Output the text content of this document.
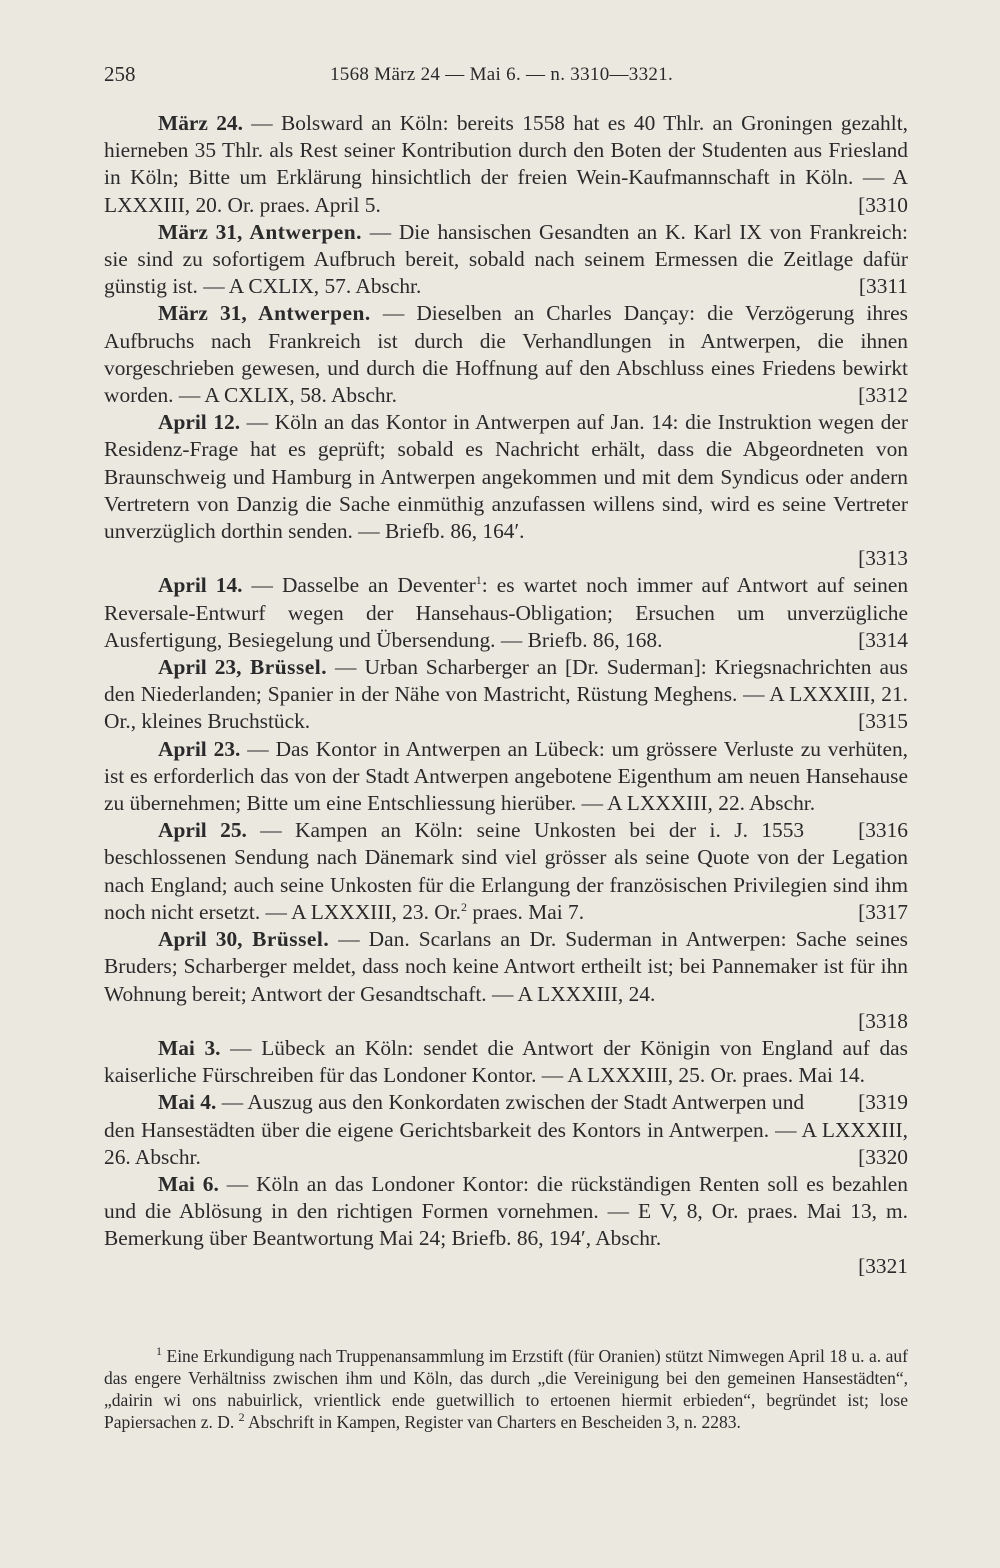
258	1568 März 24 — Mai 6. — n. 3310—3321.

März 24. — Bolsward an Köln: bereits 1558 hat es 40 Thlr. an Groningen gezahlt, hierneben 35 Thlr. als Rest seiner Kontribution durch den Boten der Studenten aus Friesland in Köln; Bitte um Erklärung hinsichtlich der freien Wein-Kaufmannschaft in Köln. — A LXXXIII, 20. Or. praes. April 5.	[3310

März 31, Antwerpen. — Die hansischen Gesandten an K. Karl IX von Frankreich: sie sind zu sofortigem Aufbruch bereit, sobald nach seinem Ermessen die Zeitlage dafür günstig ist. — A CXLIX, 57. Abschr.	[3311

März 31, Antwerpen. — Dieselben an Charles Dançay: die Verzögerung ihres Aufbruchs nach Frankreich ist durch die Verhandlungen in Antwerpen, die ihnen vorgeschrieben gewesen, und durch die Hoffnung auf den Abschluss eines Friedens bewirkt worden. — A CXLIX, 58. Abschr.	[3312

April 12. — Köln an das Kontor in Antwerpen auf Jan. 14: die Instruktion wegen der Residenz-Frage hat es geprüft; sobald es Nachricht erhält, dass die Abgeordneten von Braunschweig und Hamburg in Antwerpen angekommen und mit dem Syndicus oder andern Vertretern von Danzig die Sache einmüthig anzufassen willens sind, wird es seine Vertreter unverzüglich dorthin senden. — Briefb. 86, 164′.

[3313

April 14. — Dasselbe an Deventer$^1$: es wartet noch immer auf Antwort auf seinen Reversale-Entwurf wegen der Hansehaus-Obligation; Ersuchen um unverzügliche Ausfertigung, Besiegelung und Übersendung. — Briefb. 86, 168.	[3314

April 23, Brüssel. — Urban Scharberger an [Dr. Suderman]: Kriegsnachrichten aus den Niederlanden; Spanier in der Nähe von Mastricht, Rüstung Meghens. — A LXXXIII, 21. Or., kleines Bruchstück.	[3315

April 23. — Das Kontor in Antwerpen an Lübeck: um grössere Verluste zu verhüten, ist es erforderlich das von der Stadt Antwerpen angebotene Eigenthum am neuen Hansehause zu übernehmen; Bitte um eine Entschliessung hierüber. — A LXXXIII, 22. Abschr.
[3316

April 25. — Kampen an Köln: seine Unkosten bei der i. J. 1553 beschlossenen Sendung nach Dänemark sind viel grösser als seine Quote von der Legation nach England; auch seine Unkosten für die Erlangung der französischen Privilegien sind ihm noch nicht ersetzt. — A LXXXIII, 23. Or.$^2$ praes. Mai 7.	[3317

April 30, Brüssel. — Dan. Scarlans an Dr. Suderman in Antwerpen: Sache seines Bruders; Scharberger meldet, dass noch keine Antwort ertheilt ist; bei Pannemaker ist für ihn Wohnung bereit; Antwort der Gesandtschaft. — A LXXXIII, 24.

[3318

Mai 3. — Lübeck an Köln: sendet die Antwort der Königin von England auf das kaiserliche Fürschreiben für das Londoner Kontor. — A LXXXIII, 25. Or. praes. Mai 14.
[3319

Mai 4. — Auszug aus den Konkordaten zwischen der Stadt Antwerpen und den Hansestädten über die eigene Gerichtsbarkeit des Kontors in Antwerpen. — A LXXXIII, 26. Abschr.	[3320

Mai 6. — Köln an das Londoner Kontor: die rückständigen Renten soll es bezahlen und die Ablösung in den richtigen Formen vornehmen. — E V, 8, Or. praes. Mai 13, m. Bemerkung über Beantwortung Mai 24; Briefb. 86, 194′, Abschr.

[3321

$^1$ Eine Erkundigung nach Truppenansammlung im Erzstift (für Oranien) stützt Nimwegen April 18 u. a. auf das engere Verhältniss zwischen ihm und Köln, das durch „die Vereinigung bei den gemeinen Hansestädten“, „dairin wi ons nabuirlick, vrientlick ende guetwillich to ertoenen hiermit erbieden“, begründet ist; lose Papiersachen z. D. $^2$ Abschrift in Kampen, Register van Charters en Bescheiden 3, n. 2283.
